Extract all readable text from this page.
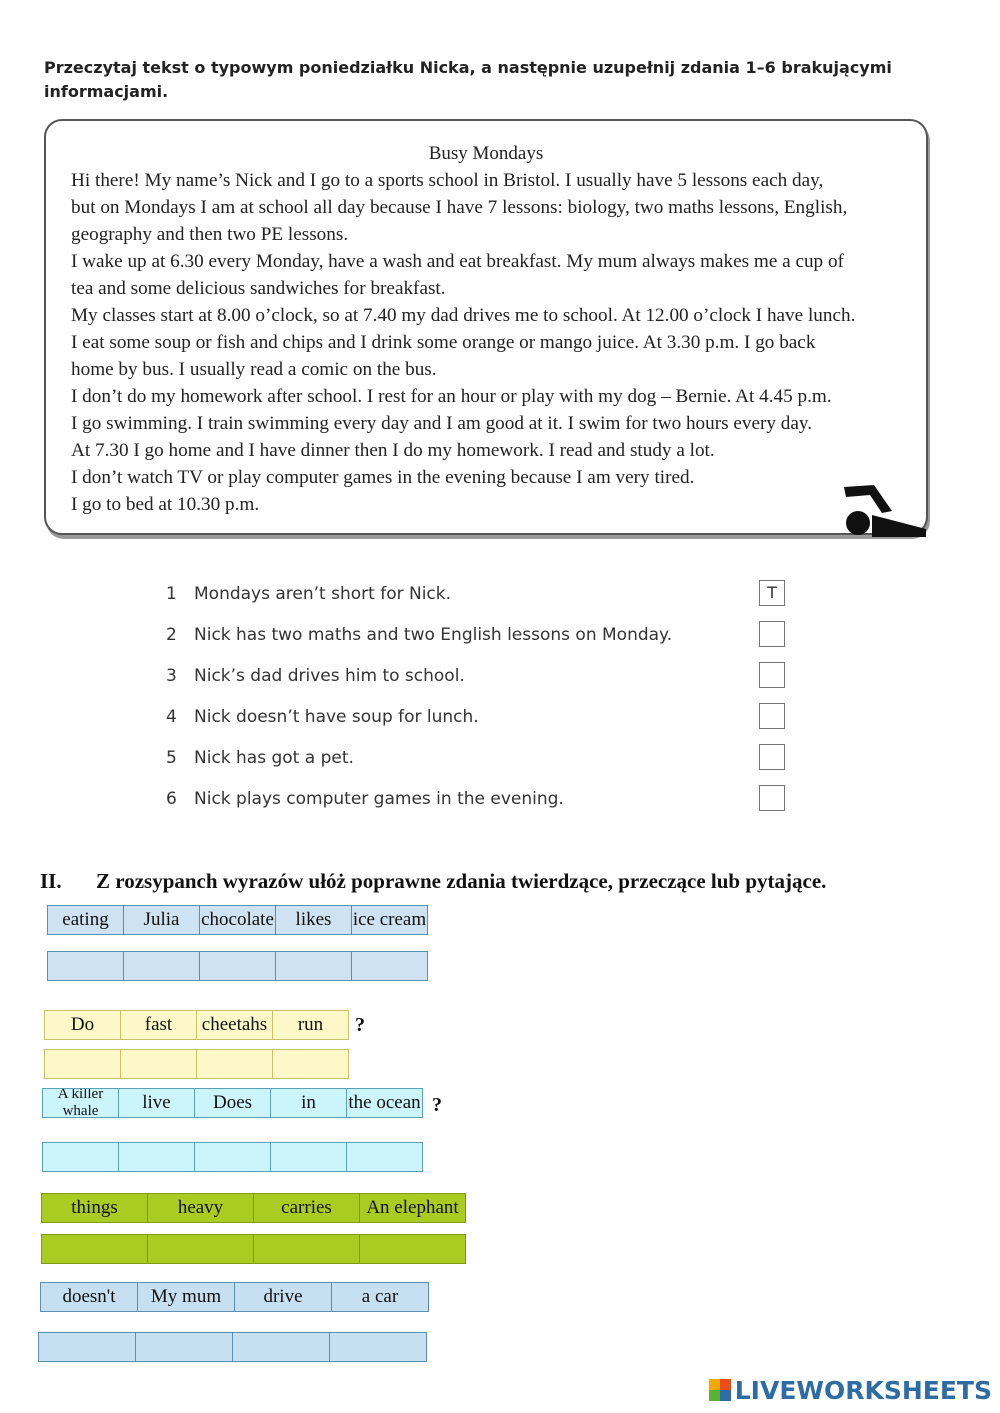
Przeczytaj tekst o typowym poniedziałku Nicka, a następnie uzupełnij zdania 1–6 brakującymi informacjami.
Busy Mondays

Hi there! My name’s Nick and I go to a sports school in Bristol. I usually have 5 lessons each day,

but on Mondays I am at school all day because I have 7 lessons: biology, two maths lessons, English,

geography and then two PE lessons.

I wake up at 6.30 every Monday, have a wash and eat breakfast. My mum always makes me a cup of

tea and some delicious sandwiches for breakfast.

My classes start at 8.00 o’clock, so at 7.40 my dad drives me to school. At 12.00 o’clock I have lunch.

I eat some soup or fish and chips and I drink some orange or mango juice. At 3.30 p.m. I go back

home by bus. I usually read a comic on the bus.

I don’t do my homework after school. I rest for an hour or play with my dog – Bernie. At 4.45 p.m.

I go swimming. I train swimming every day and I am good at it. I swim for two hours every day.

At 7.30 I go home and I have dinner then I do my homework. I read and study a lot.

I don’t watch TV or play computer games in the evening because I am very tired.

I go to bed at 10.30 p.m.

1	Mondays aren’t short for Nick.	T
2	Nick has two maths and two English lessons on Monday.
3	Nick’s dad drives him to school.
4	Nick doesn’t have soup for lunch.
5	Nick has got a pet.
6	Nick plays computer games in the evening.
II. Z rozsypanch wyrazów ułóż poprawne zdania twierdzące, przeczące lub pytające.
eating	Julia	chocolate	likes	ice cream
Do	fast	cheetahs	run	?
A killer whale	live	Does	in	the ocean ?
things	heavy	carries	An elephant
doesn't	My mum	drive	a car
LIVEWORKSHEETS
